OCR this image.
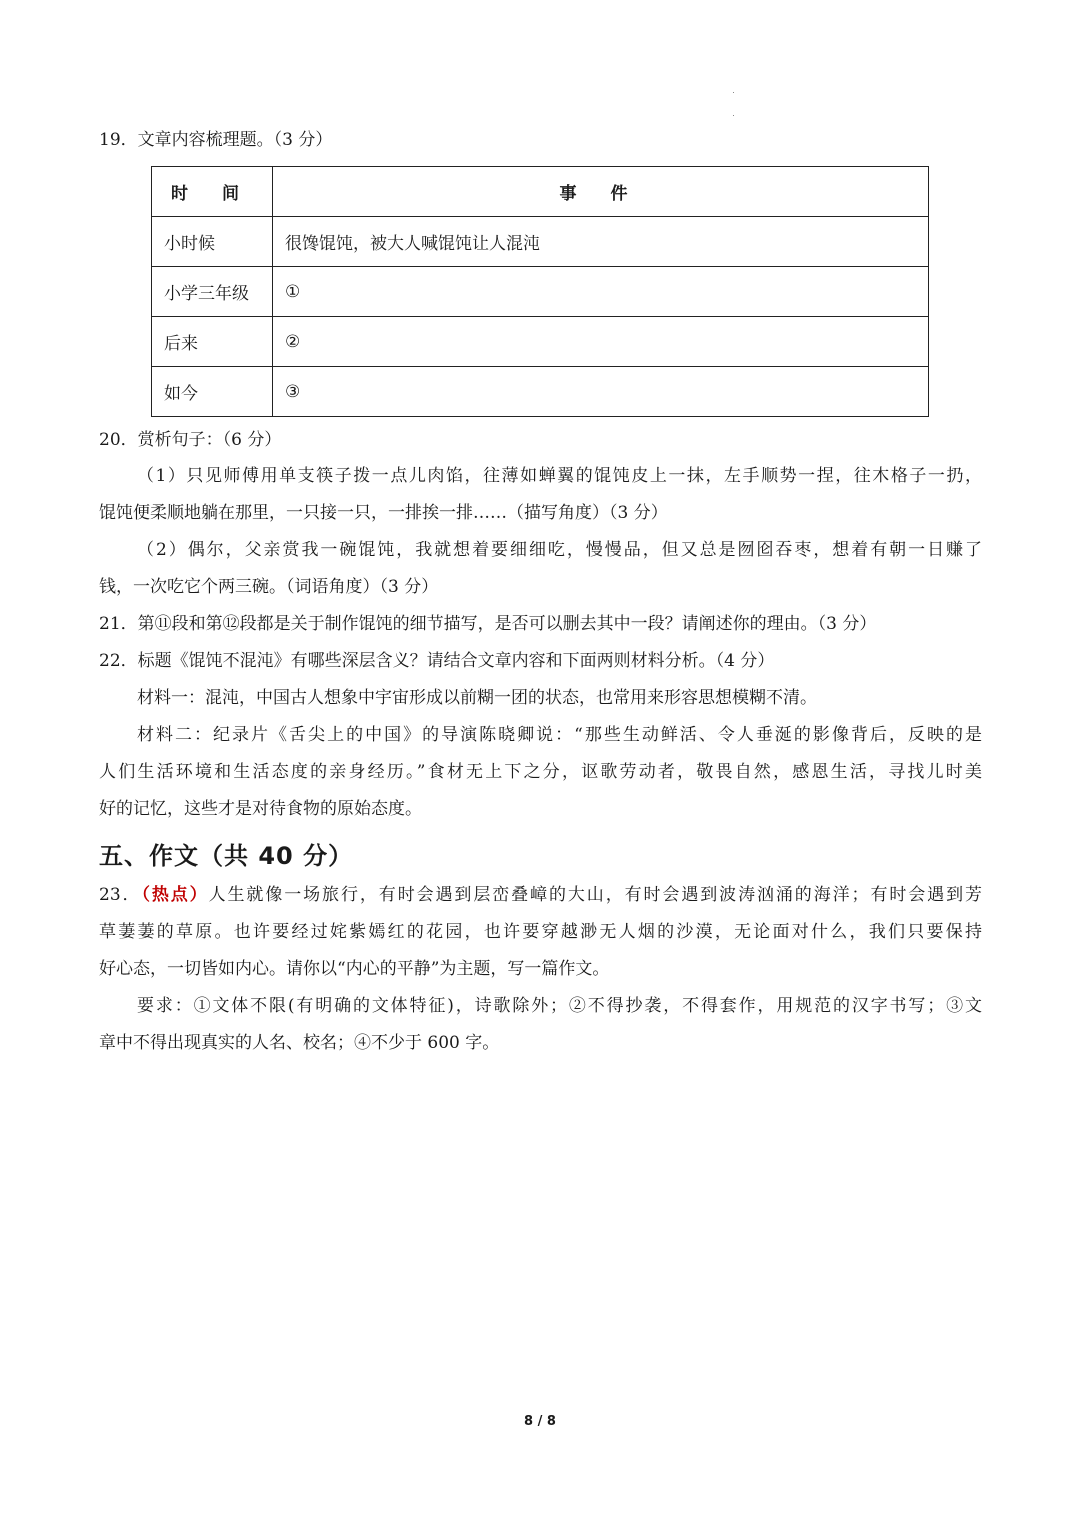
19．文章内容梳理题。（3 分）
时 间	事 件
小时候	很馋馄饨，被大人喊馄饨让人混沌
小学三年级	①
后来	②
如今	③
20．赏析句子：（6 分）
（1）只见师傅用单支筷子拨一点儿肉馅，往薄如蝉翼的馄饨皮上一抹，左手顺势一捏，往木格子一扔，
馄饨便柔顺地躺在那里，一只接一只，一排挨一排……（描写角度）（3 分）
（2）偶尔，父亲赏我一碗馄饨，我就想着要细细吃，慢慢品，但又总是囫囵吞枣，想着有朝一日赚了
钱，一次吃它个两三碗。（词语角度）（3 分）
21．第⑪段和第⑫段都是关于制作馄饨的细节描写，是否可以删去其中一段？请阐述你的理由。（3 分）
22．标题《馄饨不混沌》有哪些深层含义？请结合文章内容和下面两则材料分析。（4 分）
材料一：混沌，中国古人想象中宇宙形成以前糊一团的状态，也常用来形容思想模糊不清。
材料二：纪录片《舌尖上的中国》的导演陈晓卿说：“那些生动鲜活、令人垂涎的影像背后，反映的是
人们生活环境和生活态度的亲身经历。”食材无上下之分，讴歌劳动者，敬畏自然，感恩生活，寻找儿时美
好的记忆，这些才是对待食物的原始态度。
五、作文（共 40 分）
23．（热点）人生就像一场旅行，有时会遇到层峦叠嶂的大山，有时会遇到波涛汹涌的海洋；有时会遇到芳
草萋萋的草原。也许要经过姹紫嫣红的花园，也许要穿越渺无人烟的沙漠，无论面对什么，我们只要保持
好心态，一切皆如内心。请你以“内心的平静”为主题，写一篇作文。
要求：①文体不限(有明确的文体特征)，诗歌除外；②不得抄袭，不得套作，用规范的汉字书写；③文
章中不得出现真实的人名、校名；④不少于 600 字。
8 / 8
